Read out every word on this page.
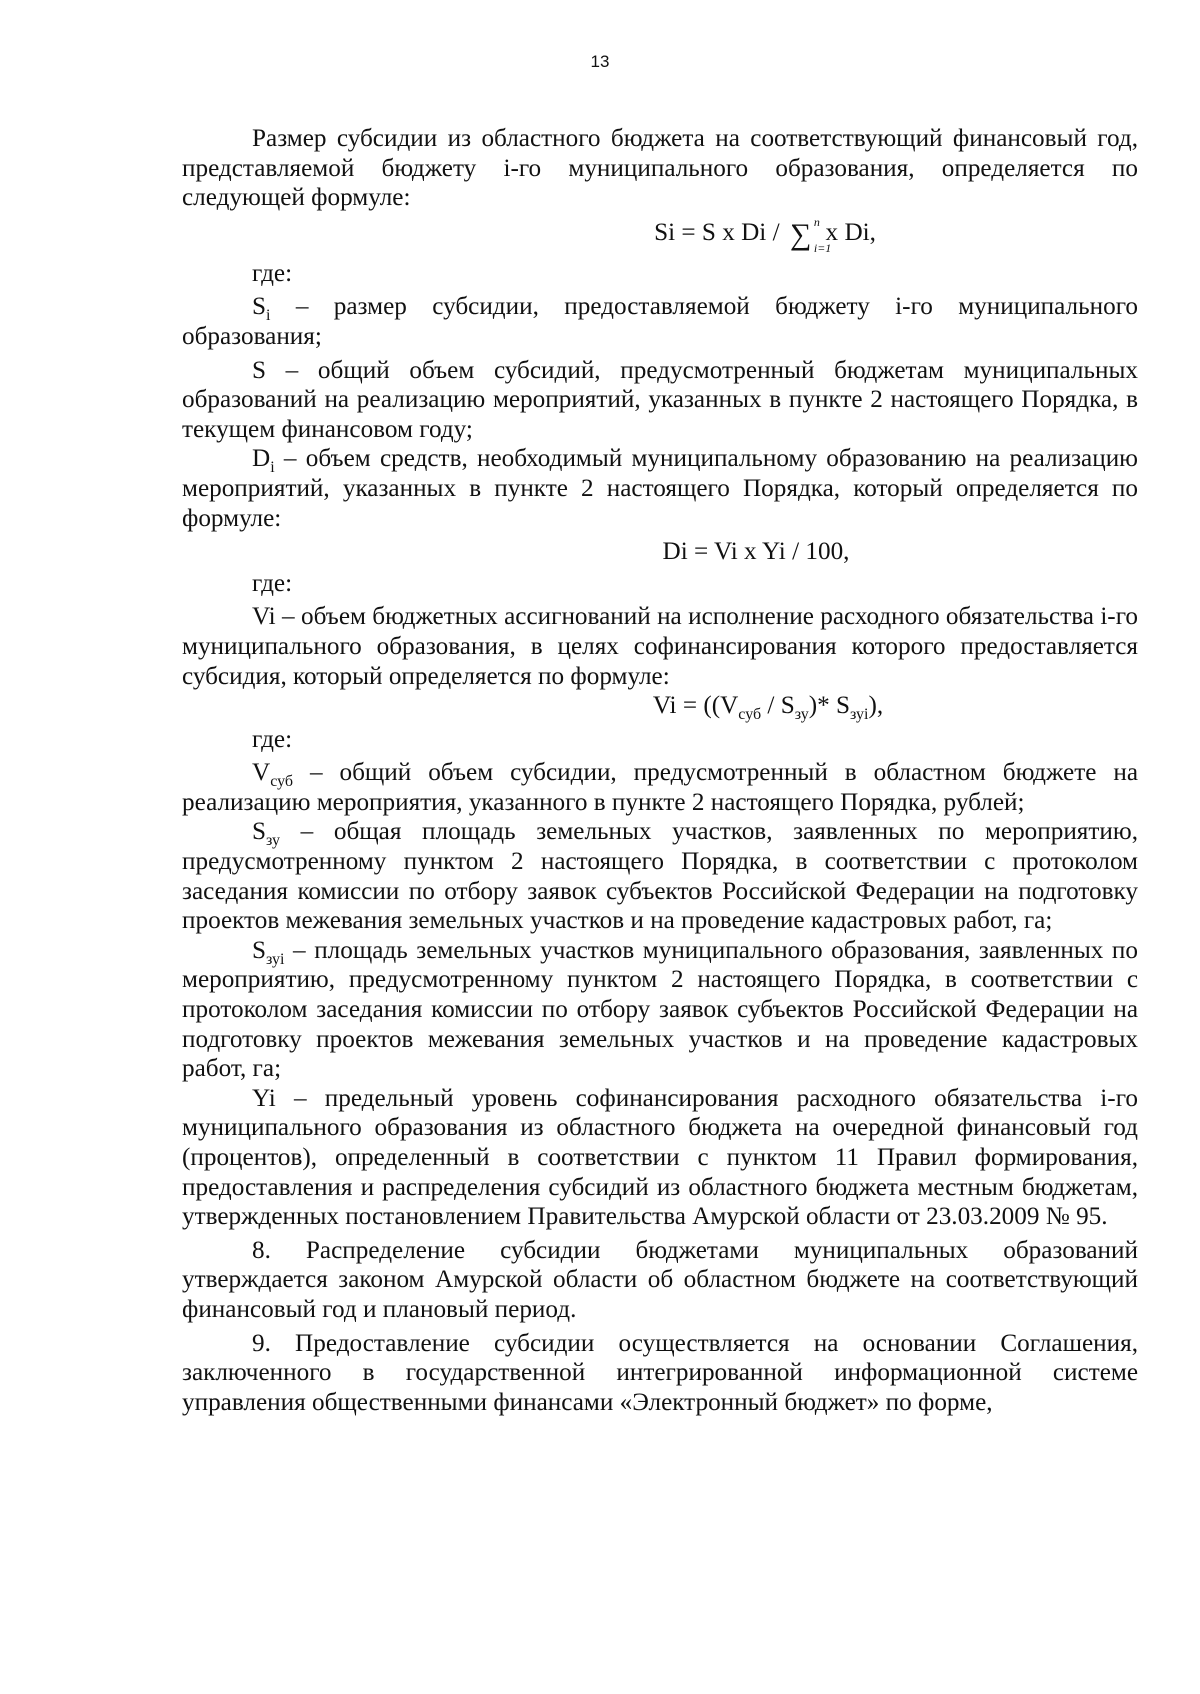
13

Размер субсидии из областного бюджета на соответствующий финансовый год, представляемой бюджету i-го муниципального образования, определяется по следующей формуле:

Si = S x Di / ∑ n
i=1
x Di,

где:

$S_i$ – размер субсидии, предоставляемой бюджету i-го муниципального образования;

S – общий объем субсидий, предусмотренный бюджетам муниципальных образований на реализацию мероприятий, указанных в пункте 2 настоящего Порядка, в текущем финансовом году;

$D_i$ – объем средств, необходимый муниципальному образованию на реализацию мероприятий, указанных в пункте 2 настоящего Порядка, который определяется по формуле:

Di = Vi x Yi / 100,

где:

Vi – объем бюджетных ассигнований на исполнение расходного обязательства i-го муниципального образования, в целях софинансирования которого предоставляется субсидия, который определяется по формуле:

$Vi = ((V_{суб} / S_{зу})*$ $S_{зуi}$),

где:

$V_{суб}$ – общий объем субсидии, предусмотренный в областном бюджете на реализацию мероприятия, указанного в пункте 2 настоящего Порядка, рублей;

$S_{зу}$ – общая площадь земельных участков, заявленных по мероприятию, предусмотренному пунктом 2 настоящего Порядка, в соответствии с протоколом заседания комиссии по отбору заявок субъектов Российской Федерации на подготовку проектов межевания земельных участков и на проведение кадастровых работ, га;

$S_{зуi}$ – площадь земельных участков муниципального образования, заявленных по мероприятию, предусмотренному пунктом 2 настоящего Порядка, в соответствии с протоколом заседания комиссии по отбору заявок субъектов Российской Федерации на подготовку проектов межевания земельных участков и на проведение кадастровых работ, га;

Yi – предельный уровень софинансирования расходного обязательства i-го муниципального образования из областного бюджета на очередной финансовый год (процентов), определенный в соответствии с пунктом 11 Правил формирования, предоставления и распределения субсидий из областного бюджета местным бюджетам, утвержденных постановлением Правительства Амурской области от 23.03.2009 № 95.

8. Распределение субсидии бюджетами муниципальных образований утверждается законом Амурской области об областном бюджете на соответствующий финансовый год и плановый период.

9. Предоставление субсидии осуществляется на основании Соглашения, заключенного в государственной интегрированной информационной системе управления общественными финансами «Электронный бюджет» по форме,
